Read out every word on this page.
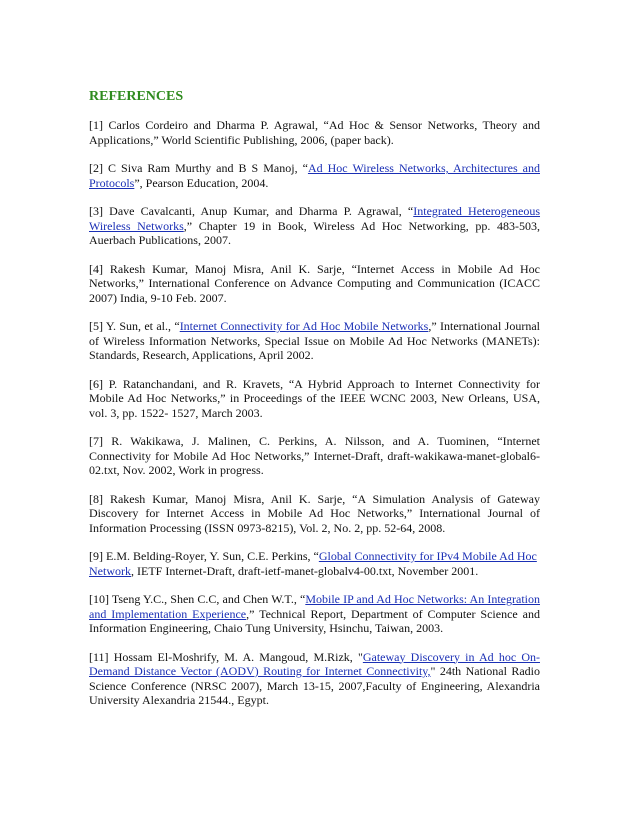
REFERENCES

[1] Carlos Cordeiro and Dharma P. Agrawal, “Ad Hoc & Sensor Networks, Theory and Applications,” World Scientific Publishing, 2006, (paper back).

[2] C Siva Ram Murthy and B S Manoj, “Ad Hoc Wireless Networks, Architectures and Protocols”, Pearson Education, 2004.

[3] Dave Cavalcanti, Anup Kumar, and Dharma P. Agrawal, “Integrated Heterogeneous Wireless Networks,” Chapter 19 in Book, Wireless Ad Hoc Networking, pp. 483-503, Auerbach Publications, 2007.

[4] Rakesh Kumar, Manoj Misra, Anil K. Sarje, “Internet Access in Mobile Ad Hoc Networks,” International Conference on Advance Computing and Communication (ICACC 2007) India, 9-10 Feb. 2007.

[5] Y. Sun, et al., “Internet Connectivity for Ad Hoc Mobile Networks,” International Journal of Wireless Information Networks, Special Issue on Mobile Ad Hoc Networks (MANETs): Standards, Research, Applications, April 2002.

[6] P. Ratanchandani, and R. Kravets, “A Hybrid Approach to Internet Connectivity for Mobile Ad Hoc Networks,” in Proceedings of the IEEE WCNC 2003, New Orleans, USA, vol. 3, pp. 1522- 1527, March 2003.

[7] R. Wakikawa, J. Malinen, C. Perkins, A. Nilsson, and A. Tuominen, “Internet Connectivity for Mobile Ad Hoc Networks,” Internet-Draft, draft-wakikawa-manet-global6-02.txt, Nov. 2002, Work in progress.

[8] Rakesh Kumar, Manoj Misra, Anil K. Sarje, “A Simulation Analysis of Gateway Discovery for Internet Access in Mobile Ad Hoc Networks,” International Journal of Information Processing (ISSN 0973-8215), Vol. 2, No. 2, pp. 52-64, 2008.

[9] E.M. Belding-Royer, Y. Sun, C.E. Perkins, “Global Connectivity for IPv4 Mobile Ad Hoc
Network, IETF Internet-Draft, draft-ietf-manet-globalv4-00.txt, November 2001.

[10] Tseng Y.C., Shen C.C, and Chen W.T., “Mobile IP and Ad Hoc Networks: An Integration and Implementation Experience,” Technical Report, Department of Computer Science and Information Engineering, Chaio Tung University, Hsinchu, Taiwan, 2003.

[11] Hossam El-Moshrify, M. A. Mangoud, M.Rizk, "Gateway Discovery in Ad hoc On-Demand Distance Vector (AODV) Routing for Internet Connectivity," 24th National Radio Science Conference (NRSC 2007), March 13-15, 2007,Faculty of Engineering, Alexandria University Alexandria 21544., Egypt.
